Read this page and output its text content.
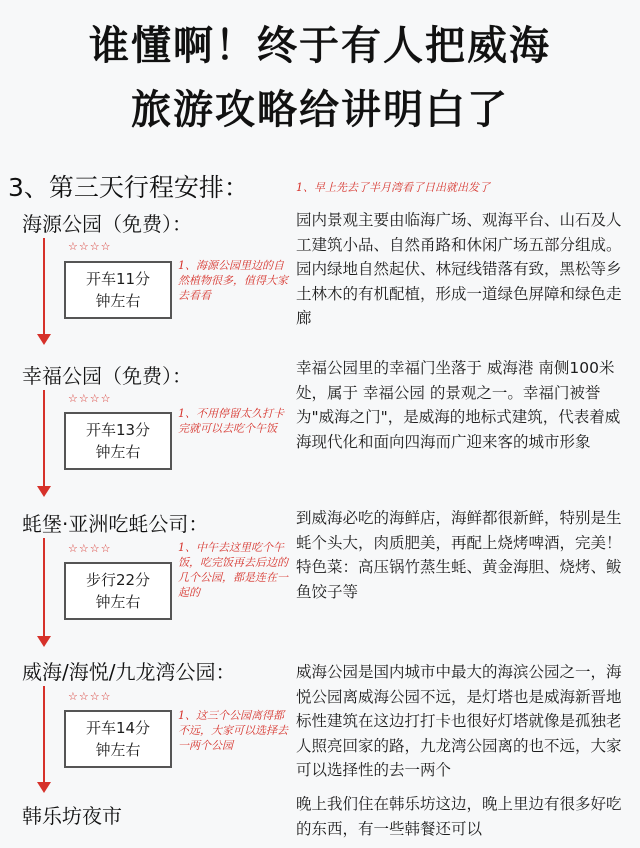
谁懂啊！终于有人把威海
旅游攻略给讲明白了
3、第三天行程安排：	1、早上先去了半月湾看了日出就出发了
海源公园（免费）：
☆☆☆☆
开车11分
钟左右
1、海源公园里边的自然植物很多，值得大家去看看
园内景观主要由临海广场、观海平台、山石及人工建筑小品、自然甬路和休闲广场五部分组成。园内绿地自然起伏、林冠线错落有致，黑松等乡土林木的有机配植，形成一道绿色屏障和绿色走廊
幸福公园（免费）：
☆☆☆☆
开车13分
钟左右
1、不用停留太久打卡完就可以去吃个午饭
幸福公园里的幸福门坐落于 威海港 南侧100米处，属于 幸福公园 的景观之一。幸福门被誉为"威海之门"，是威海的地标式建筑，代表着威海现代化和面向四海而广迎来客的城市形象
蚝堡·亚洲吃蚝公司：
☆☆☆☆
步行22分
钟左右
1、中午去这里吃个午饭，吃完饭再去后边的几个公园，都是连在一起的
到威海必吃的海鲜店，海鲜都很新鲜，特别是生蚝个头大，肉质肥美，再配上烧烤啤酒，完美！
特色菜：高压锅竹蒸生蚝、黄金海胆、烧烤、鲅鱼饺子等
威海/海悦/九龙湾公园：
☆☆☆☆
开车14分
钟左右
1、这三个公园离得都不远，大家可以选择去一两个公园
威海公园是国内城市中最大的海滨公园之一，海悦公园离威海公园不远，是灯塔也是威海新晋地标性建筑在这边打打卡也很好灯塔就像是孤独老人照亮回家的路，九龙湾公园离的也不远，大家可以选择性的去一两个
韩乐坊夜市	晚上我们住在韩乐坊这边，晚上里边有很多好吃的东西，有一些韩餐还可以
